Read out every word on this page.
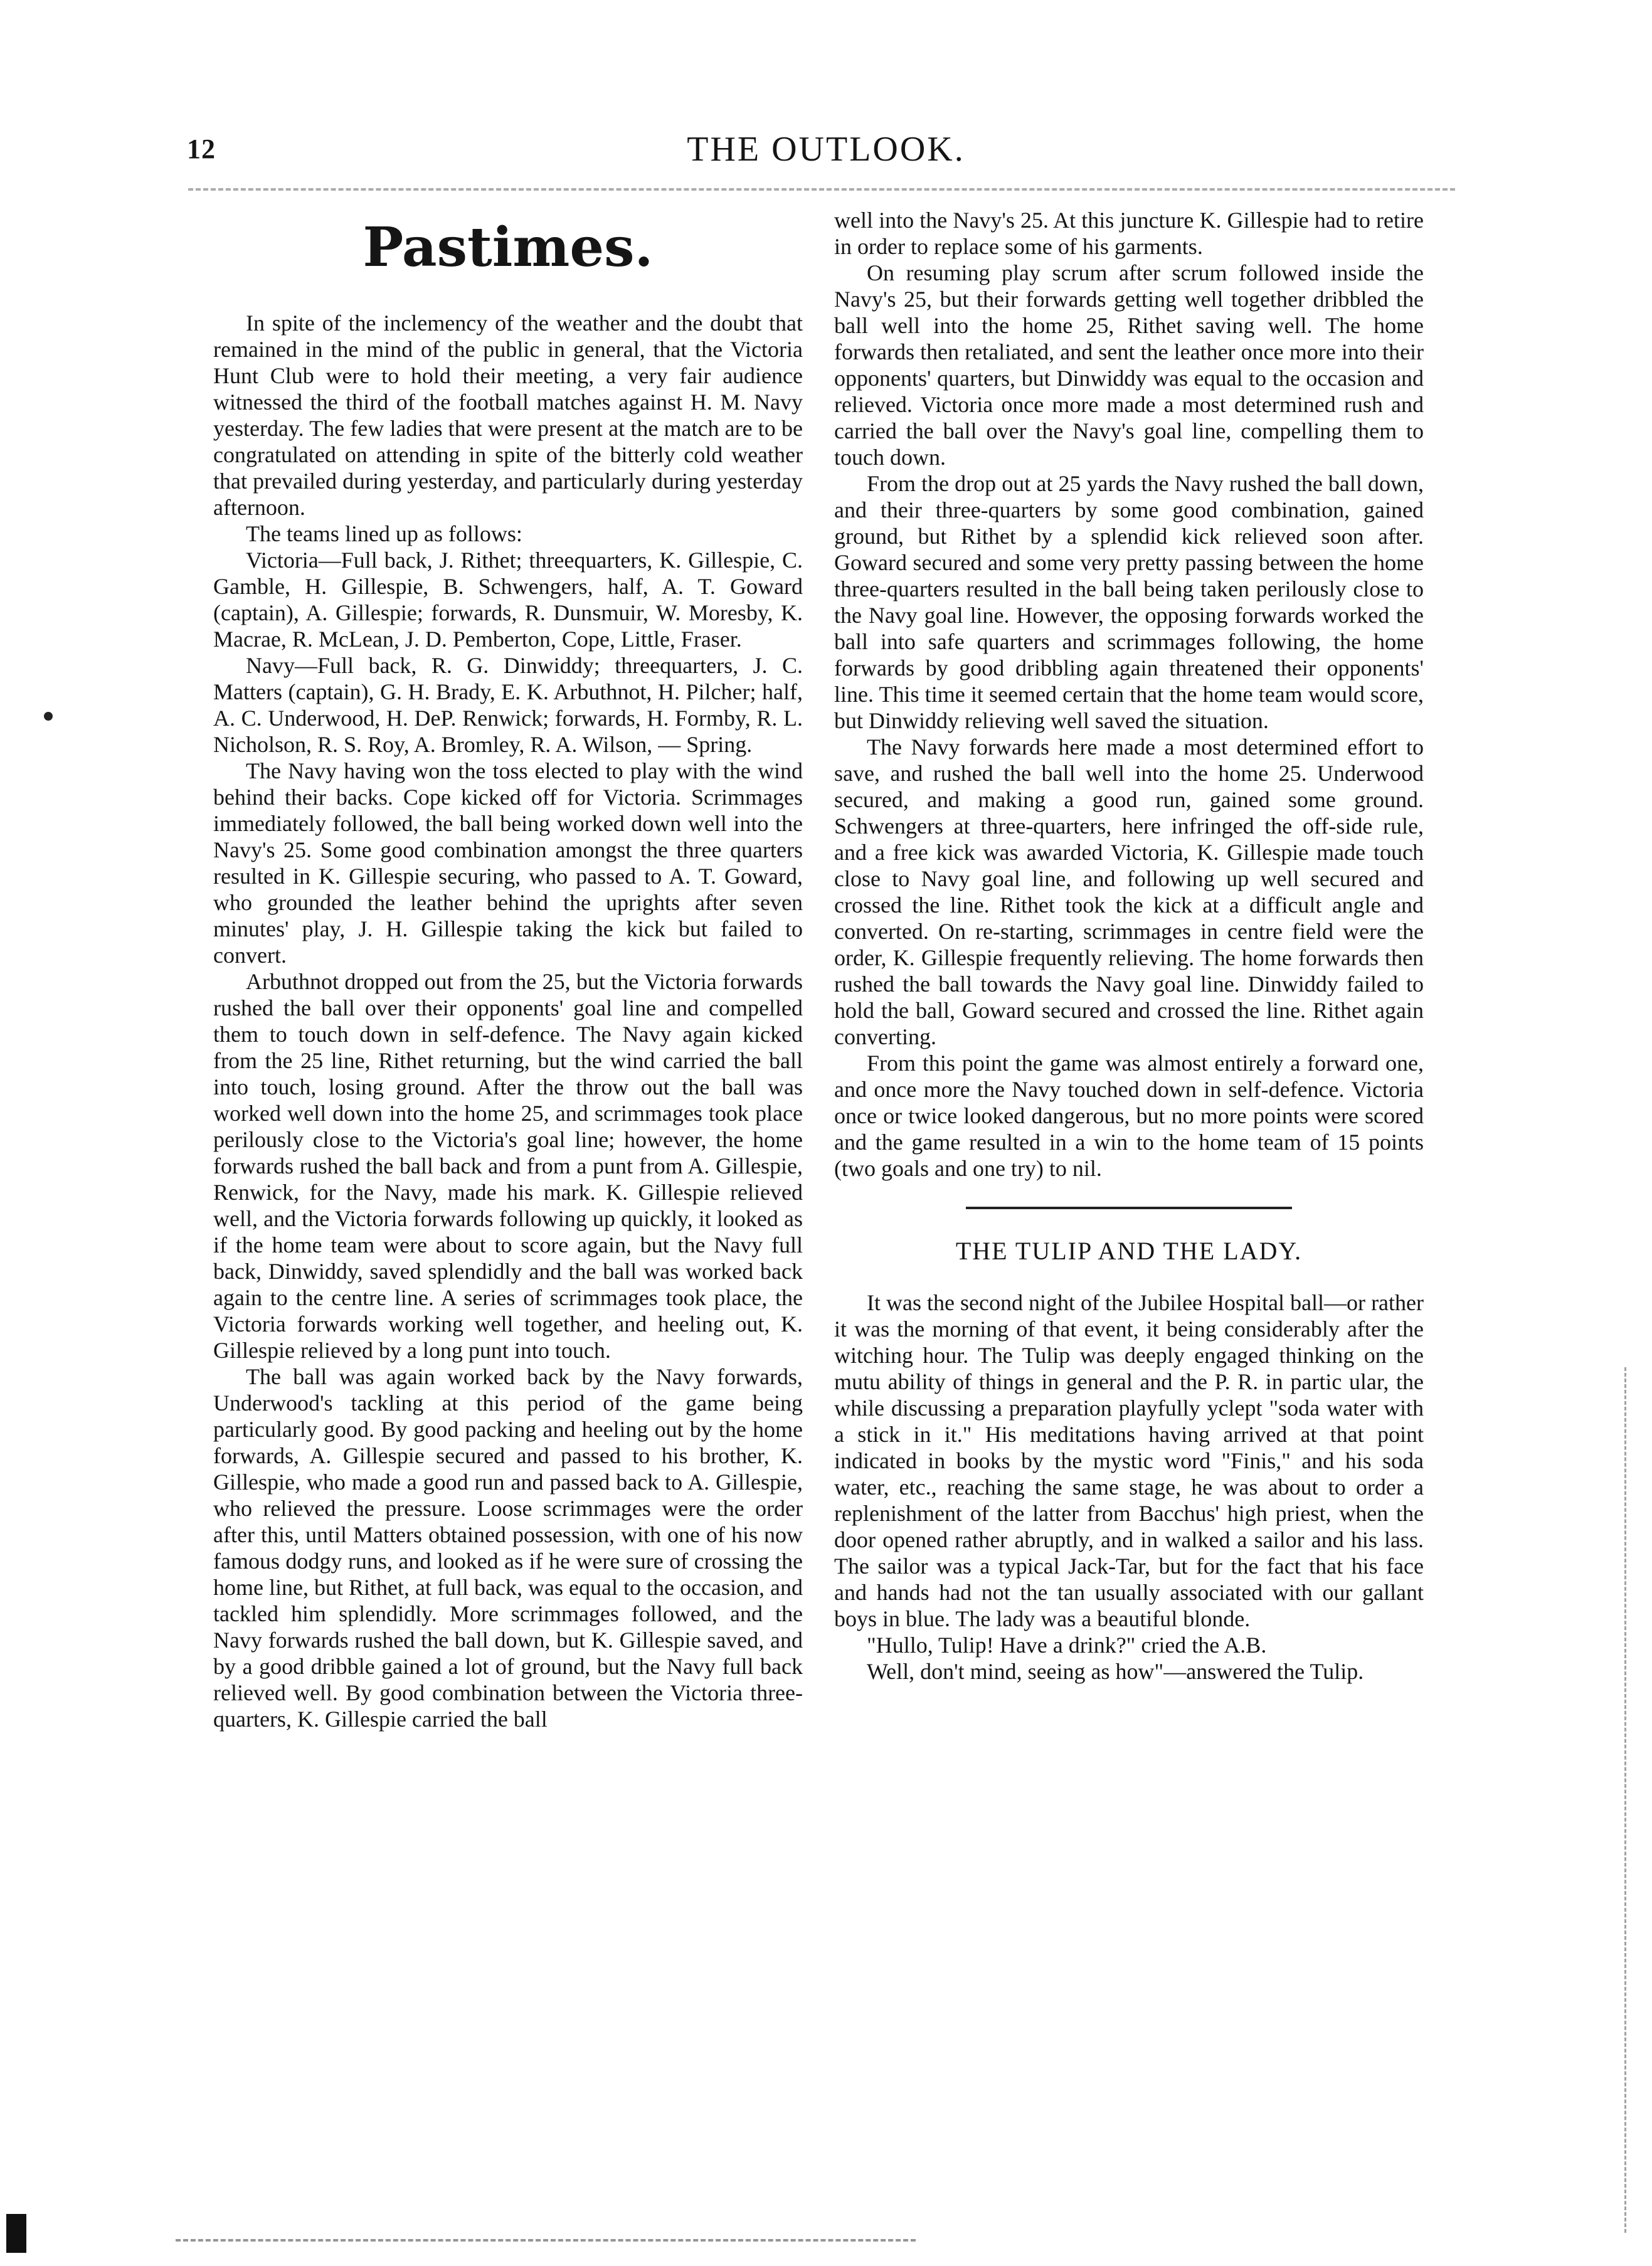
12	THE OUTLOOK.
Pastimes.

In spite of the inclemency of the weather and the doubt that remained in the mind of the public in general, that the Victoria Hunt Club were to hold their meeting, a very fair audience witnessed the third of the football matches against H. M. Navy yesterday. The few ladies that were present at the match are to be congratulated on attending in spite of the bitterly cold weather that prevailed during yesterday, and particularly during yesterday afternoon.

The teams lined up as follows:

Victoria—Full back, J. Rithet; threequarters, K. Gillespie, C. Gamble, H. Gillespie, B. Schwengers, half, A. T. Goward (captain), A. Gillespie; forwards, R. Dunsmuir, W. Moresby, K. Macrae, R. McLean, J. D. Pemberton, Cope, Little, Fraser.

Navy—Full back, R. G. Dinwiddy; threequarters, J. C. Matters (captain), G. H. Brady, E. K. Arbuthnot, H. Pilcher; half, A. C. Underwood, H. DeP. Renwick; forwards, H. Formby, R. L. Nicholson, R. S. Roy, A. Bromley, R. A. Wilson, — Spring.

The Navy having won the toss elected to play with the wind behind their backs. Cope kicked off for Victoria. Scrimmages immediately followed, the ball being worked down well into the Navy's 25. Some good combination amongst the three quarters resulted in K. Gillespie securing, who passed to A. T. Goward, who grounded the leather behind the uprights after seven minutes' play, J. H. Gillespie taking the kick but failed to convert.

Arbuthnot dropped out from the 25, but the Victoria forwards rushed the ball over their opponents' goal line and compelled them to touch down in self-defence. The Navy again kicked from the 25 line, Rithet returning, but the wind carried the ball into touch, losing ground. After the throw out the ball was worked well down into the home 25, and scrimmages took place perilously close to the Victoria's goal line; however, the home forwards rushed the ball back and from a punt from A. Gillespie, Renwick, for the Navy, made his mark. K. Gillespie relieved well, and the Victoria forwards following up quickly, it looked as if the home team were about to score again, but the Navy full back, Dinwiddy, saved splendidly and the ball was worked back again to the centre line. A series of scrimmages took place, the Victoria forwards working well together, and heeling out, K. Gillespie relieved by a long punt into touch.

The ball was again worked back by the Navy forwards, Underwood's tackling at this period of the game being particularly good. By good packing and heeling out by the home forwards, A. Gillespie secured and passed to his brother, K. Gillespie, who made a good run and passed back to A. Gillespie, who relieved the pressure. Loose scrimmages were the order after this, until Matters obtained possession, with one of his now famous dodgy runs, and looked as if he were sure of crossing the home line, but Rithet, at full back, was equal to the occasion, and tackled him splendidly. More scrimmages followed, and the Navy forwards rushed the ball down, but K. Gillespie saved, and by a good dribble gained a lot of ground, but the Navy full back relieved well. By good combination between the Victoria three-quarters, K. Gillespie carried the ball

well into the Navy's 25. At this juncture K. Gillespie had to retire in order to replace some of his garments.

On resuming play scrum after scrum followed inside the Navy's 25, but their forwards getting well together dribbled the ball well into the home 25, Rithet saving well. The home forwards then retaliated, and sent the leather once more into their opponents' quarters, but Dinwiddy was equal to the occasion and relieved. Victoria once more made a most determined rush and carried the ball over the Navy's goal line, compelling them to touch down.

From the drop out at 25 yards the Navy rushed the ball down, and their three-quarters by some good combination, gained ground, but Rithet by a splendid kick relieved soon after. Goward secured and some very pretty passing between the home three-quarters resulted in the ball being taken perilously close to the Navy goal line. However, the opposing forwards worked the ball into safe quarters and scrimmages following, the home forwards by good dribbling again threatened their opponents' line. This time it seemed certain that the home team would score, but Dinwiddy relieving well saved the situation.

The Navy forwards here made a most determined effort to save, and rushed the ball well into the home 25. Underwood secured, and making a good run, gained some ground. Schwengers at three-quarters, here infringed the off-side rule, and a free kick was awarded Victoria, K. Gillespie made touch close to Navy goal line, and following up well secured and crossed the line. Rithet took the kick at a difficult angle and converted. On re-starting, scrimmages in centre field were the order, K. Gillespie frequently relieving. The home forwards then rushed the ball towards the Navy goal line. Dinwiddy failed to hold the ball, Goward secured and crossed the line. Rithet again converting.

From this point the game was almost entirely a forward one, and once more the Navy touched down in self-defence. Victoria once or twice looked dangerous, but no more points were scored and the game resulted in a win to the home team of 15 points (two goals and one try) to nil.

THE TULIP AND THE LADY.

It was the second night of the Jubilee Hospital ball—or rather it was the morning of that event, it being considerably after the witching hour. The Tulip was deeply engaged thinking on the mutu ability of things in general and the P. R. in partic ular, the while discussing a preparation playfully yclept "soda water with a stick in it." His meditations having arrived at that point indicated in books by the mystic word "Finis," and his soda water, etc., reaching the same stage, he was about to order a replenishment of the latter from Bacchus' high priest, when the door opened rather abruptly, and in walked a sailor and his lass. The sailor was a typical Jack-Tar, but for the fact that his face and hands had not the tan usually associated with our gallant boys in blue. The lady was a beautiful blonde.

"Hullo, Tulip! Have a drink?" cried the A.B.

Well, don't mind, seeing as how"—answered the Tulip.
